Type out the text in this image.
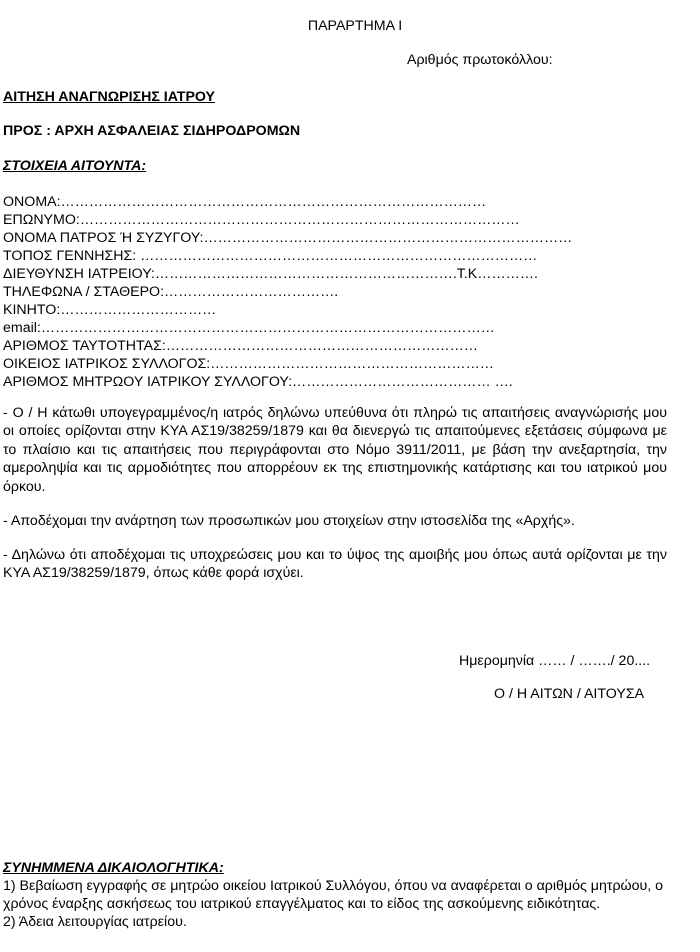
ΠΑΡΑΡΤΗΜΑ Ι
Αριθμός πρωτοκόλλου:
ΑΙΤΗΣΗ ΑΝΑΓΝΩΡΙΣΗΣ ΙΑΤΡΟΥ
ΠΡΟΣ : ΑΡΧΗ ΑΣΦΑΛΕΙΑΣ ΣΙΔΗΡΟΔΡΟΜΩΝ
ΣΤΟΙΧΕΙΑ ΑΙΤΟΥΝΤΑ:
ΟΝΟΜΑ:………………………………………………………………………………
ΕΠΩΝΥΜΟ:…………………………………………………………………………………
ΟΝΟΜΑ ΠΑΤΡΟΣ Ή ΣΥΖΥΓΟΥ:……………………………………………………………………
ΤΟΠΟΣ ΓΕΝΝΗΣΗΣ: …………………………………………………………………………
ΔΙΕΥΘΥΝΣΗ ΙΑΤΡΕΙΟΥ:……………………………………………………….Τ.Κ………….
ΤΗΛΕΦΩΝΑ / ΣΤΑΘΕΡΟ:……………………………….
ΚΙΝΗΤΟ:……………………………
email:……………………………………………………………………………………
ΑΡΙΘΜΟΣ ΤΑΥΤΟΤΗΤΑΣ:…………………………………………………………
ΟΙΚΕΙΟΣ ΙΑΤΡΙΚΟΣ ΣΥΛΛΟΓΟΣ:……………………………………………………
ΑΡΙΘΜΟΣ ΜΗΤΡΩΟΥ ΙΑΤΡΙΚΟΥ ΣΥΛΛΟΓΟΥ:…………………………………… ….
- Ο / Η κάτωθι υπογεγραμμένος/η ιατρός δηλώνω υπεύθυνα ότι πληρώ τις απαιτήσεις αναγνώρισής μου οι οποίες ορίζονται στην ΚΥΑ ΑΣ19/38259/1879 και θα διενεργώ τις απαιτούμενες εξετάσεις σύμφωνα με το πλαίσιο και τις απαιτήσεις που περιγράφονται στο Νόμο 3911/2011, με βάση την ανεξαρτησία, την αμεροληψία και τις αρμοδιότητες που απορρέουν εκ της επιστημονικής κατάρτισης και του ιατρικού μου όρκου.
- Αποδέχομαι την ανάρτηση των προσωπικών μου στοιχείων στην ιστοσελίδα της «Αρχής».
- Δηλώνω ότι αποδέχομαι τις υποχρεώσεις μου και το ύψος της αμοιβής μου όπως αυτά ορίζονται με την ΚΥΑ ΑΣ19/38259/1879, όπως κάθε φορά ισχύει.
Ημερομηνία …… / ……./ 20....
Ο / Η ΑΙΤΩΝ / ΑΙΤΟΥΣΑ
ΣΥΝΗΜΜΕΝΑ ΔΙΚΑΙΟΛΟΓΗΤΙΚΑ:
1) Βεβαίωση εγγραφής σε μητρώο οικείου Ιατρικού Συλλόγου, όπου να αναφέρεται ο αριθμός μητρώου, ο χρόνος έναρξης ασκήσεως του ιατρικού επαγγέλματος και το είδος της ασκούμενης ειδικότητας.
2) Άδεια λειτουργίας ιατρείου.
